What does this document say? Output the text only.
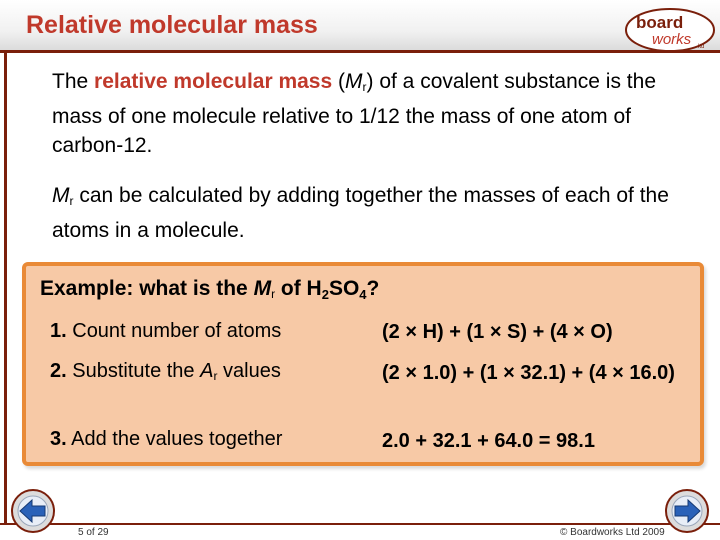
Relative molecular mass	board
works ltd
The relative molecular mass $(M_r)$ of a covalent substance is the mass of one molecule relative to 1/12 the mass of one atom of carbon-12.
$M_r$ can be calculated by adding together the masses of each of the atoms in a molecule.
Example: what is the $M_r$ of H2SO4?
1. Count number of atoms	(2 × H) + (1 × S) + (4 × O)
2. Substitute the $A_r$ values	(2 × 1.0) + (1 × 32.1) + (4 × 16.0)
3. Add the values together	2.0 + 32.1 + 64.0 = 98.1
5 of 29	© Boardworks Ltd 2009
